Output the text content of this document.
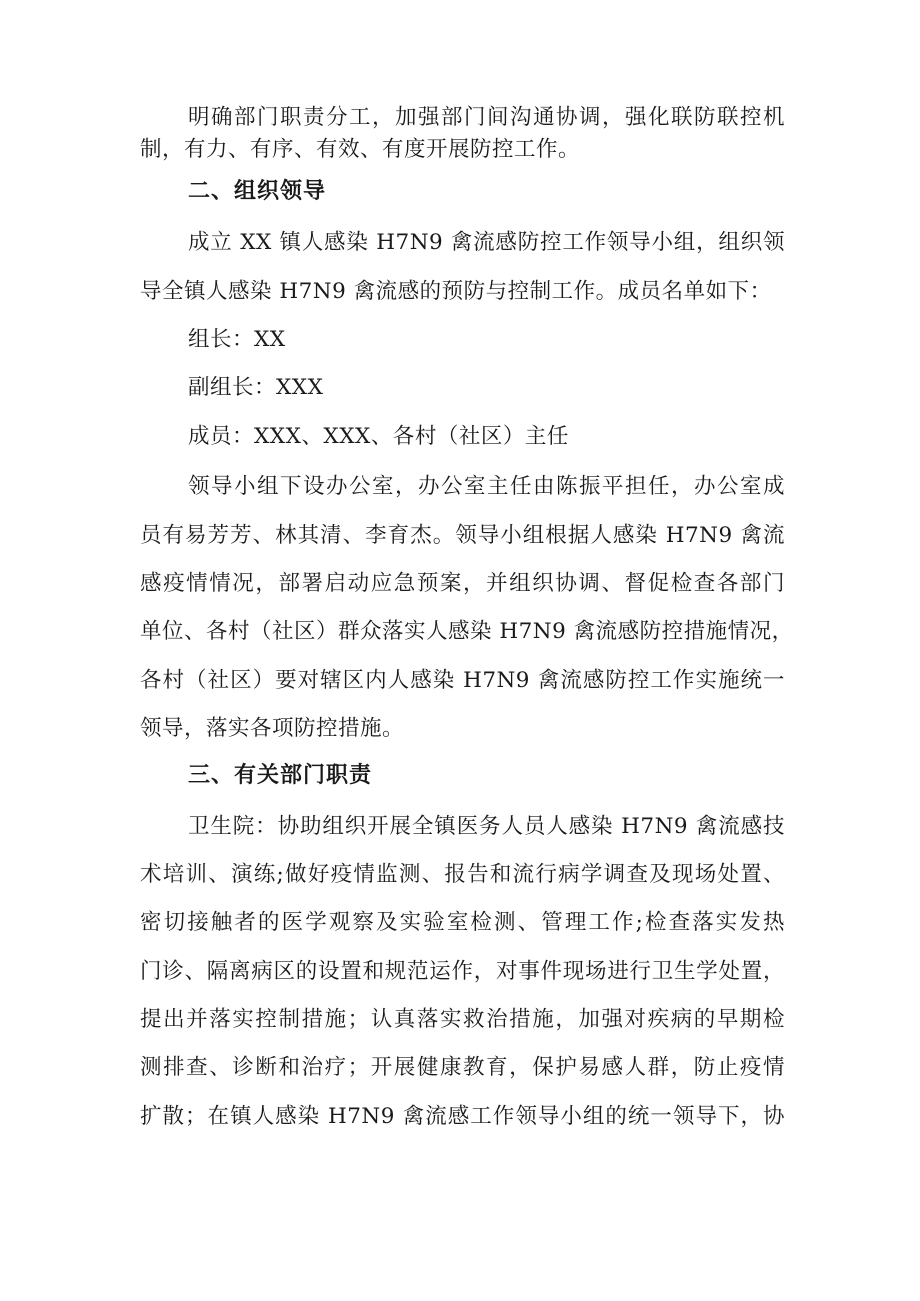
明确部门职责分工，加强部门间沟通协调，强化联防联控机
制，有力、有序、有效、有度开展防控工作。
二、组织领导
成立 XX 镇人感染 H7N9 禽流感防控工作领导小组，组织领
导全镇人感染 H7N9 禽流感的预防与控制工作。成员名单如下：
组长：XX
副组长：XXX
成员：XXX、XXX、各村（社区）主任
领导小组下设办公室，办公室主任由陈振平担任，办公室成
员有易芳芳、林其清、李育杰。领导小组根据人感染 H7N9 禽流
感疫情情况，部署启动应急预案，并组织协调、督促检查各部门
单位、各村（社区）群众落实人感染 H7N9 禽流感防控措施情况，
各村（社区）要对辖区内人感染 H7N9 禽流感防控工作实施统一
领导，落实各项防控措施。
三、有关部门职责
卫生院：协助组织开展全镇医务人员人感染 H7N9 禽流感技
术培训、演练;做好疫情监测、报告和流行病学调查及现场处置、
密切接触者的医学观察及实验室检测、管理工作;检查落实发热
门诊、隔离病区的设置和规范运作，对事件现场进行卫生学处置，
提出并落实控制措施；认真落实救治措施，加强对疾病的早期检
测排查、诊断和治疗；开展健康教育，保护易感人群，防止疫情
扩散；在镇人感染 H7N9 禽流感工作领导小组的统一领导下，协
